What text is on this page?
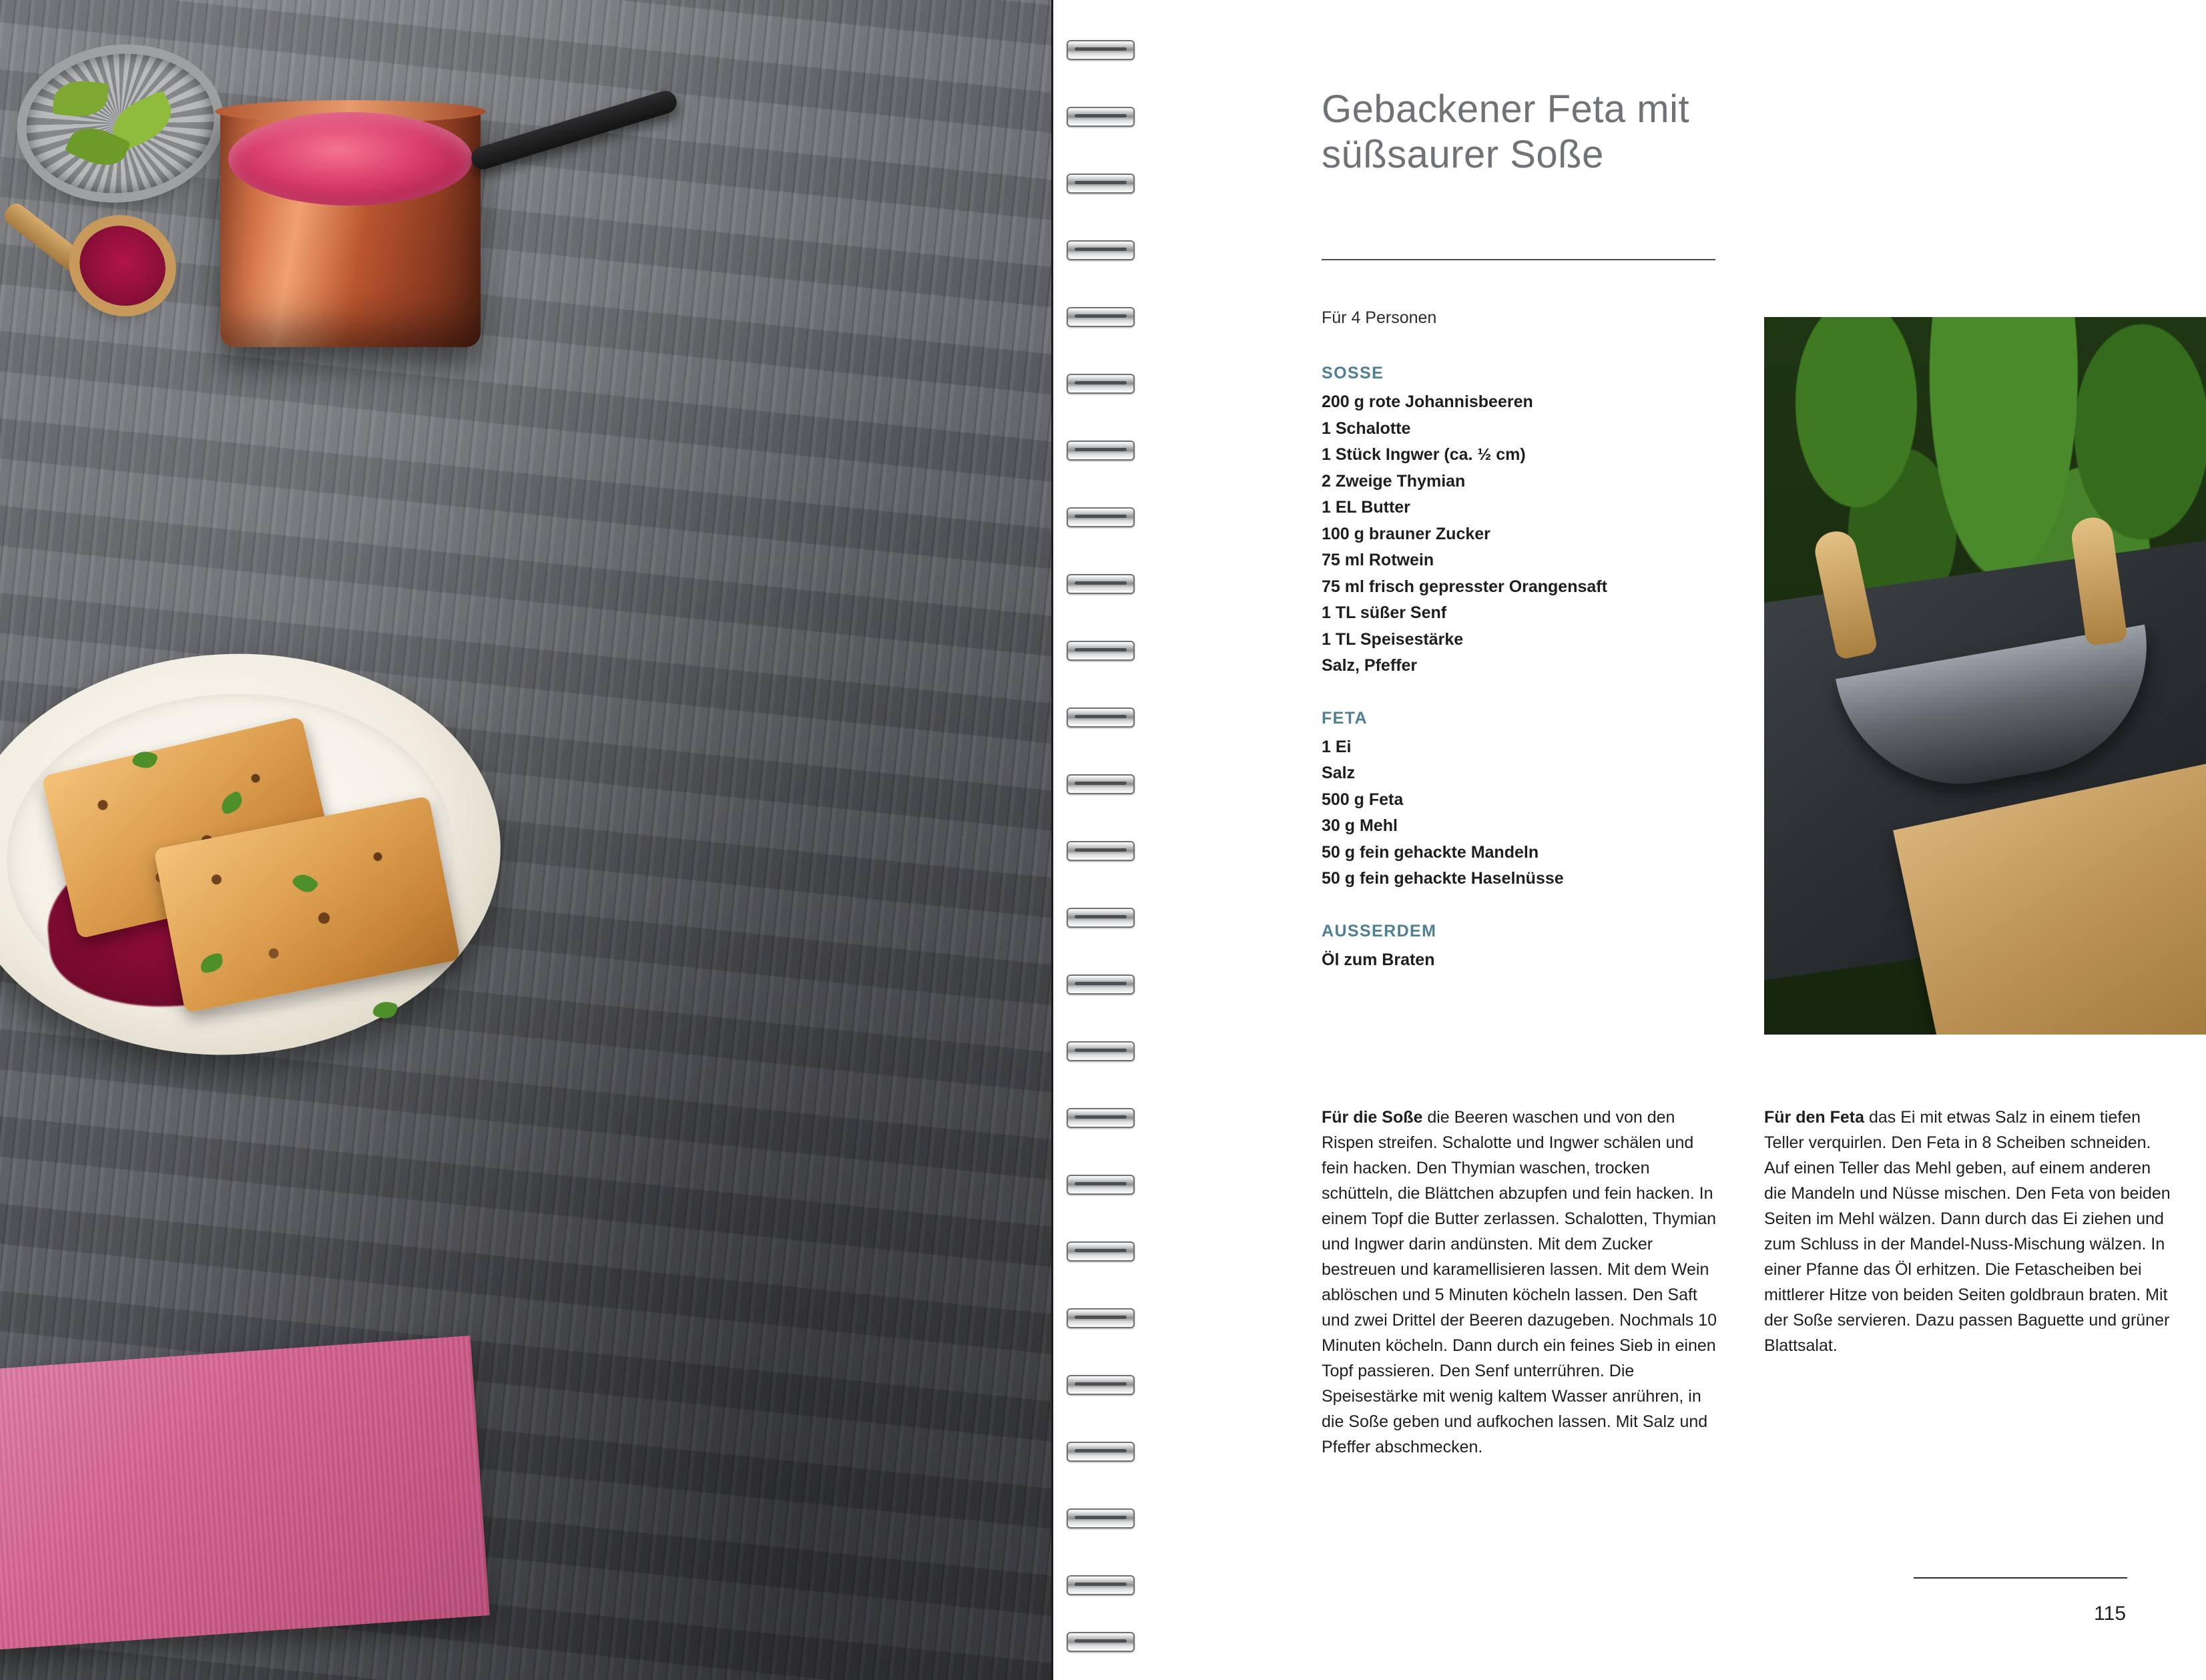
Gebackener Feta mit süßsaurer Soße
Für 4 Personen
SOSSE
200 g rote Johannisbeeren
1 Schalotte
1 Stück Ingwer (ca. ½ cm)
2 Zweige Thymian
1 EL Butter
100 g brauner Zucker
75 ml Rotwein
75 ml frisch gepresster Orangensaft
1 TL süßer Senf
1 TL Speisestärke
Salz, Pfeffer
FETA
1 Ei
Salz
500 g Feta
30 g Mehl
50 g fein gehackte Mandeln
50 g fein gehackte Haselnüsse
AUSSERDEM
Öl zum Braten
Für die Soße die Beeren waschen und von den Rispen streifen. Schalotte und Ingwer schälen und fein hacken. Den Thymian waschen, trocken schütteln, die Blättchen abzupfen und fein hacken. In einem Topf die Butter zerlassen. Schalotten, Thymian und Ingwer darin andünsten. Mit dem Zucker bestreuen und karamellisieren lassen. Mit dem Wein ablöschen und 5 Minuten köcheln lassen. Den Saft und zwei Drittel der Beeren dazugeben. Nochmals 10 Minuten köcheln. Dann durch ein feines Sieb in einen Topf passieren. Den Senf unterrühren. Die Speisestärke mit wenig kaltem Wasser anrühren, in die Soße geben und aufkochen lassen. Mit Salz und Pfeffer abschmecken.
Für den Feta das Ei mit etwas Salz in einem tiefen Teller verquirlen. Den Feta in 8 Scheiben schneiden. Auf einen Teller das Mehl geben, auf einem anderen die Mandeln und Nüsse mischen. Den Feta von beiden Seiten im Mehl wälzen. Dann durch das Ei ziehen und zum Schluss in der Mandel-Nuss-Mischung wälzen. In einer Pfanne das Öl erhitzen. Die Fetascheiben bei mittlerer Hitze von beiden Seiten goldbraun braten. Mit der Soße servieren. Dazu passen Baguette und grüner Blattsalat.
115
